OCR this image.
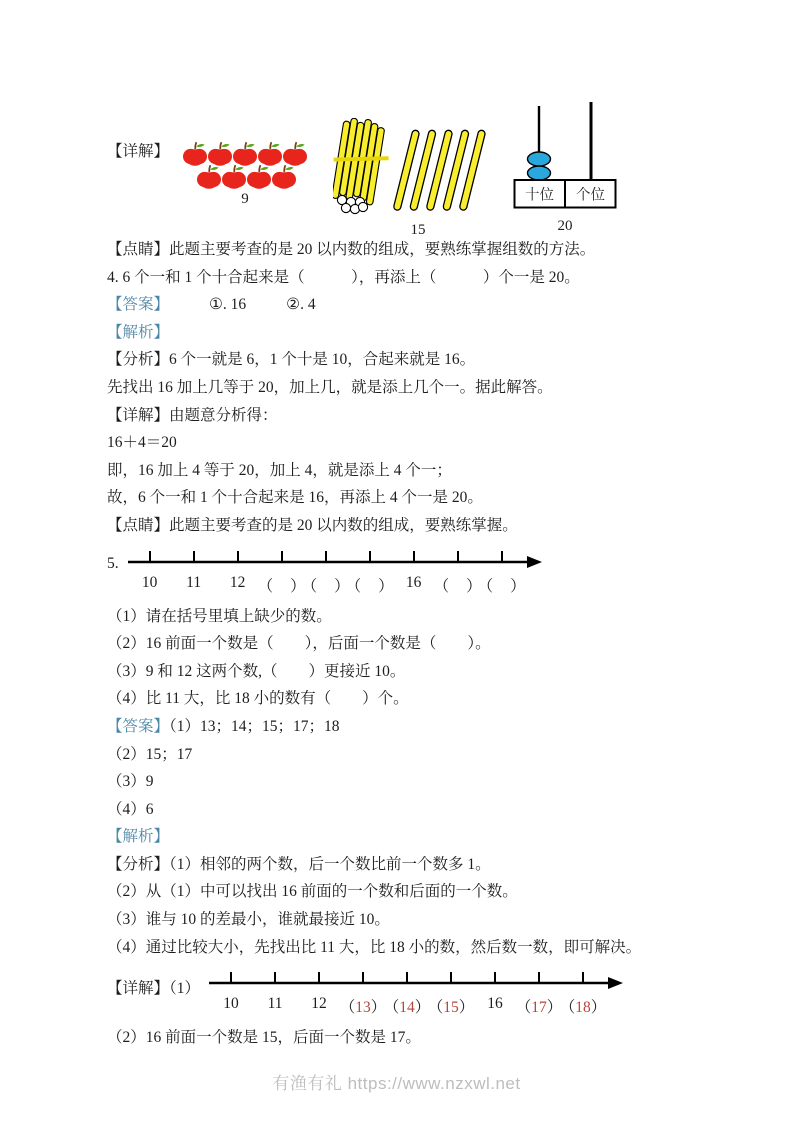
【详解】
9
15
十位 个位
20
【点睛】此题主要考查的是 20 以内数的组成，要熟练掌握组数的方法。
4. 6 个一和 1 个十合起来是（　　　），再添上（　　　）个一是 20。
【答案】	①. 16	②. 4
【解析】
【分析】6 个一就是 6，1 个十是 10，合起来就是 16。
先找出 16 加上几等于 20，加上几，就是添上几个一。据此解答。
【详解】由题意分析得：
16＋4＝20
即，16 加上 4 等于 20，加上 4，就是添上 4 个一；
故，6 个一和 1 个十合起来是 16，再添上 4 个一是 20。
【点睛】此题主要考查的是 20 以内数的组成，要熟练掌握。
5.
10 11 12 （ ）
（ ）
（ ） 16 （ ）
（ ）
（1）请在括号里填上缺少的数。
（2）16 前面一个数是（　　），后面一个数是（　　）。
（3）9 和 12 这两个数,（　　）更接近 10。
（4）比 11 大，比 18 小的数有（　　）个。
【答案】（1）13；14；15；17；18
（2）15；17
（3）9
（4）6
【解析】
【分析】（1）相邻的两个数，后一个数比前一个数多 1。
（2）从（1）中可以找出 16 前面的一个数和后面的一个数。
（3）谁与 10 的差最小，谁就最接近 10。
（4）通过比较大小，先找出比 11 大，比 18 小的数，然后数一数，即可解决。
【详解】（1）
10 11 12 （13）
（14）
（15） 16 （17）
（18）
（2）16 前面一个数是 15，后面一个数是 17。
有渔有礼 https://www.nzxwl.net
